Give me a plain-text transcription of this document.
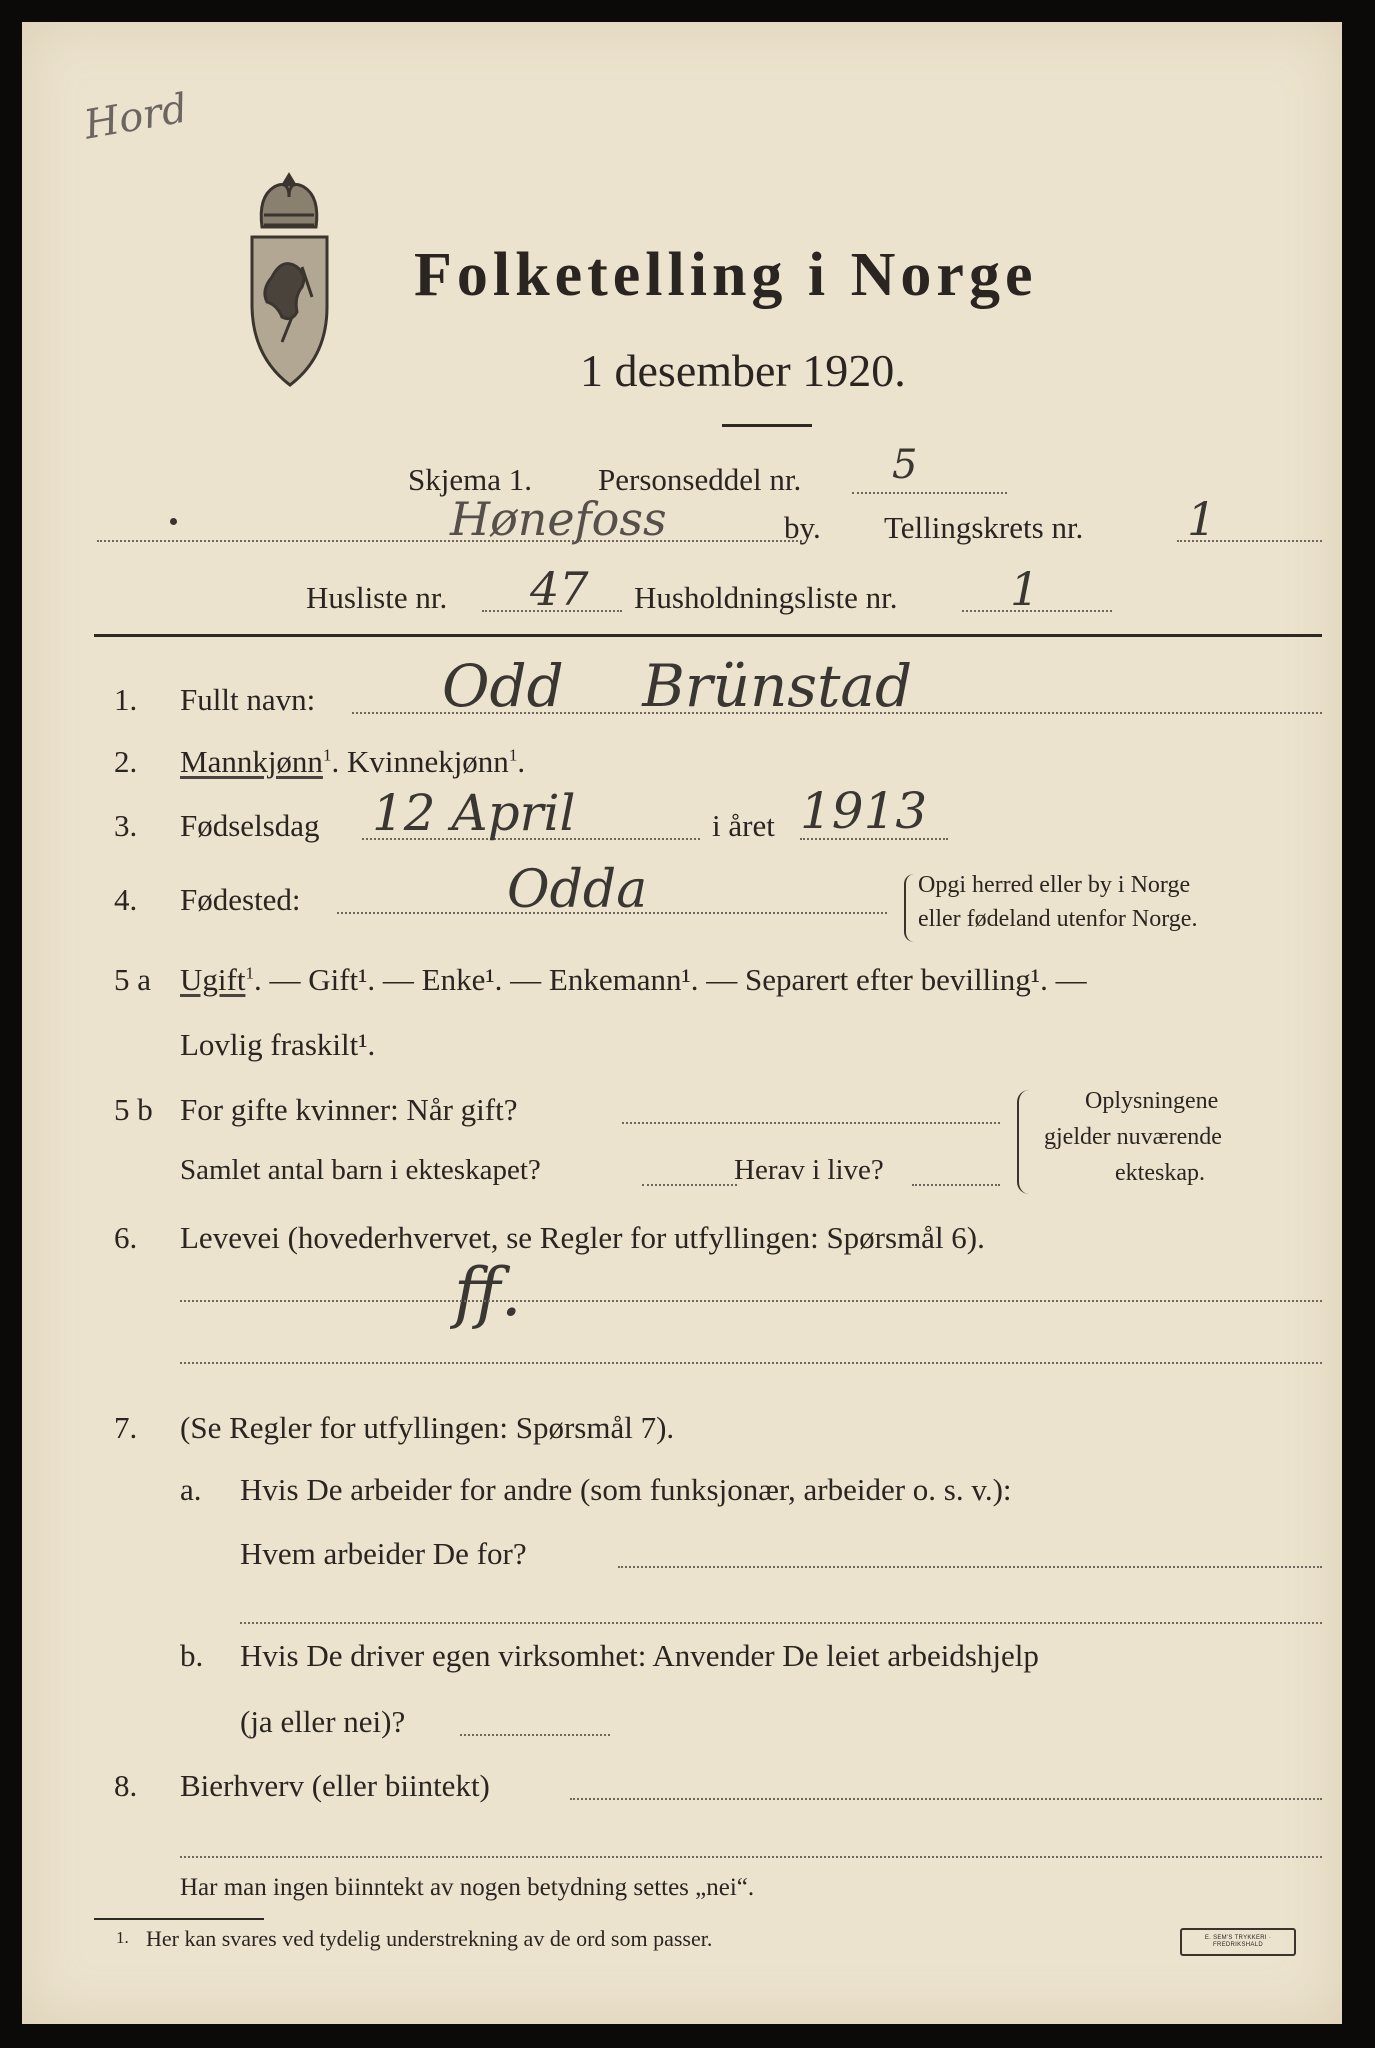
Hord
Folketelling i Norge
1 desember 1920.
Skjema 1. Personseddel nr. 5
Hønefoss	by. Tellingskrets nr. 1
Husliste nr. 47 Husholdningsliste nr. 1
1. Fullt navn: Odd Brünstad
2. Mannkjønn$^1$. Kvinnekjønn$^1$.
3. Fødselsdag 12 April	i året 1913
4. Fødested:	Odda	Opgi herred eller by i Norge
eller fødeland utenfor Norge.
5 a Ugift$^1$. — Gift¹. — Enke¹. — Enkemann¹. — Separert efter bevilling¹. —
Lovlig fraskilt¹.
5 b For gifte kvinner: Når gift?
Samlet antal barn i ekteskapet?	Herav i live?
Oplysningene
gjelder nuværende
ekteskap.
6. Levevei (hovederhvervet, se Regler for utfyllingen: Spørsmål 6).
ff.
7. (Se Regler for utfyllingen: Spørsmål 7).
a. Hvis De arbeider for andre (som funksjonær, arbeider o. s. v.):
Hvem arbeider De for?
b. Hvis De driver egen virksomhet: Anvender De leiet arbeidshjelp
(ja eller nei)?
8. Bierhverv (eller biintekt)
Har man ingen biinntekt av nogen betydning settes „nei“.
1. Her kan svares ved tydelig understrekning av de ord som passer.	E. SEM'S TRYKKERI · FREDRIKSHALD
